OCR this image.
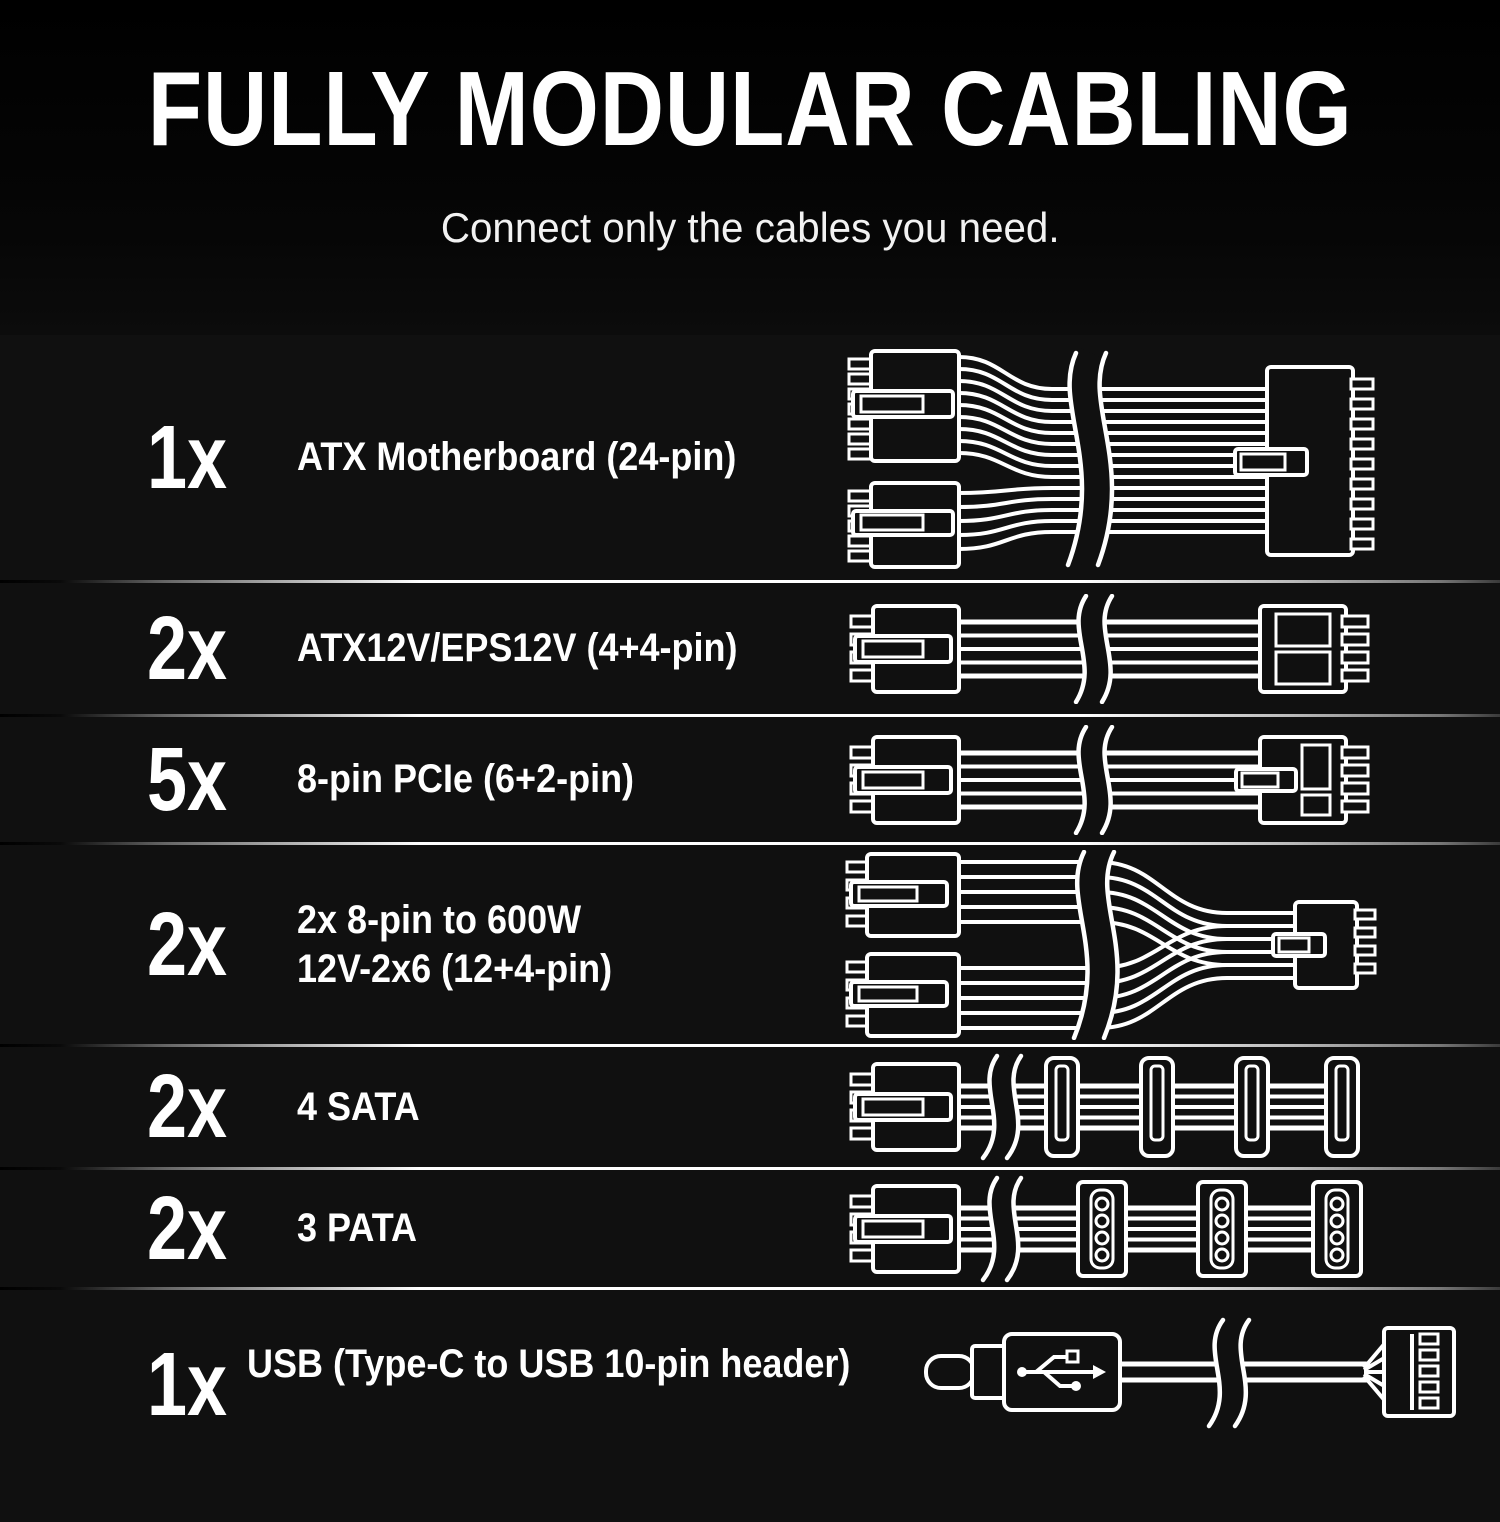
FULLY MODULAR CABLING
Connect only the cables you need.
1x	ATX Motherboard (24-pin)
2x	ATX12V/EPS12V (4+4-pin)
5x	8-pin PCIe (6+2-pin)
2x	2x 8-pin to 600W
12V-2x6 (12+4-pin)
2x	4 SATA
2x	3 PATA
1x USB (Type-C to USB 10-pin header)
